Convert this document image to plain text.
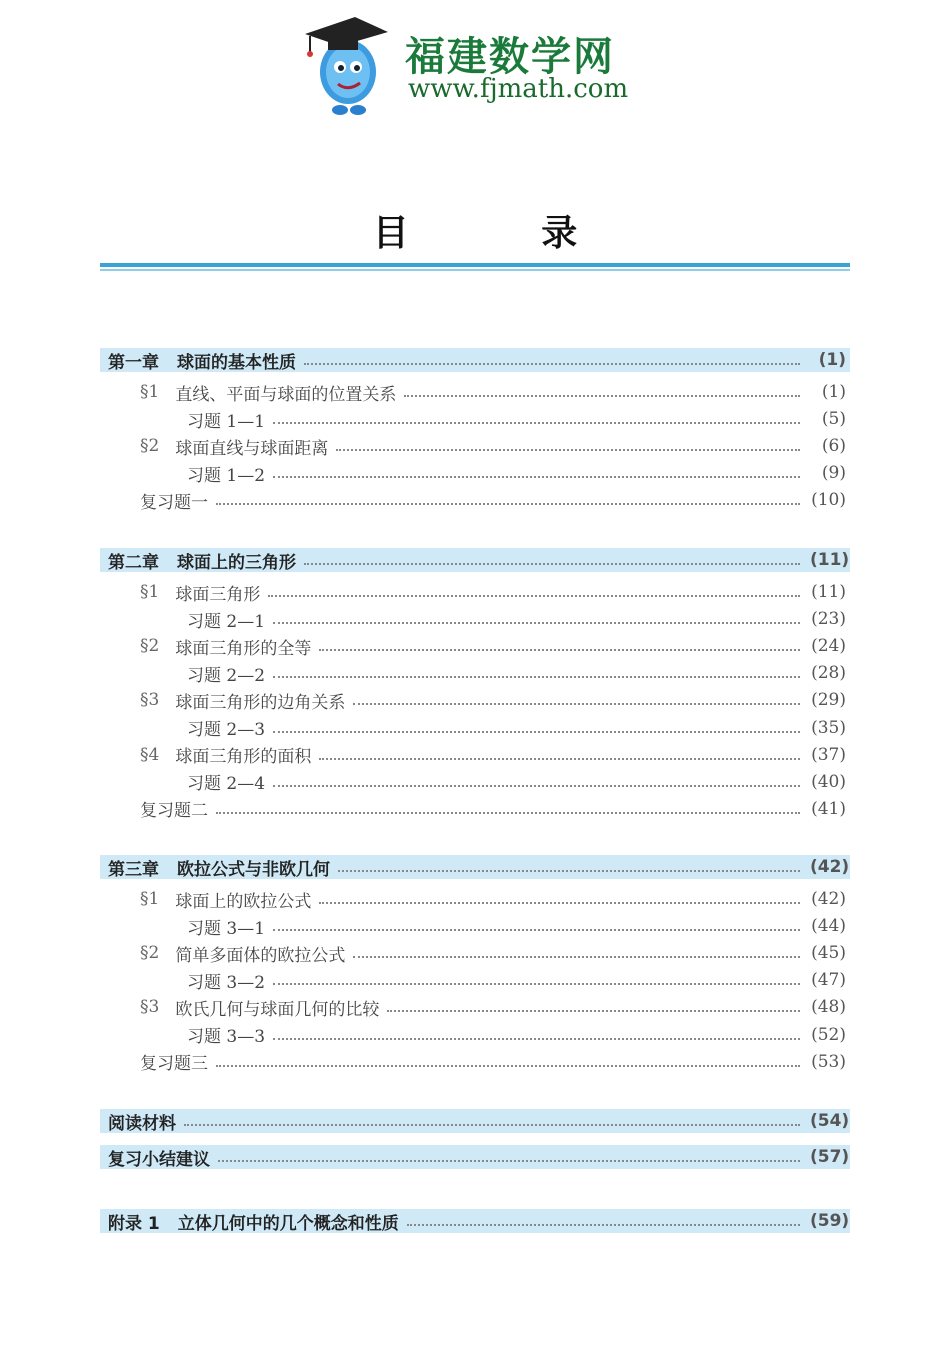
福建数学网
www.fjmath.com
目 录
第一章 球面的基本性质	(1)
§1 直线、平面与球面的位置关系	(1)
习题 1—1	(5)
§2 球面直线与球面距离	(6)
习题 1—2	(9)
复习题一	(10)
第二章 球面上的三角形	(11)
§1 球面三角形	(11)
习题 2—1	(23)
§2 球面三角形的全等	(24)
习题 2—2	(28)
§3 球面三角形的边角关系	(29)
习题 2—3	(35)
§4 球面三角形的面积	(37)
习题 2—4	(40)
复习题二	(41)
第三章 欧拉公式与非欧几何	(42)
§1 球面上的欧拉公式	(42)
习题 3—1	(44)
§2 简单多面体的欧拉公式	(45)
习题 3—2	(47)
§3 欧氏几何与球面几何的比较	(48)
习题 3—3	(52)
复习题三	(53)
阅读材料	(54)
复习小结建议	(57)
附录 1 立体几何中的几个概念和性质	(59)
